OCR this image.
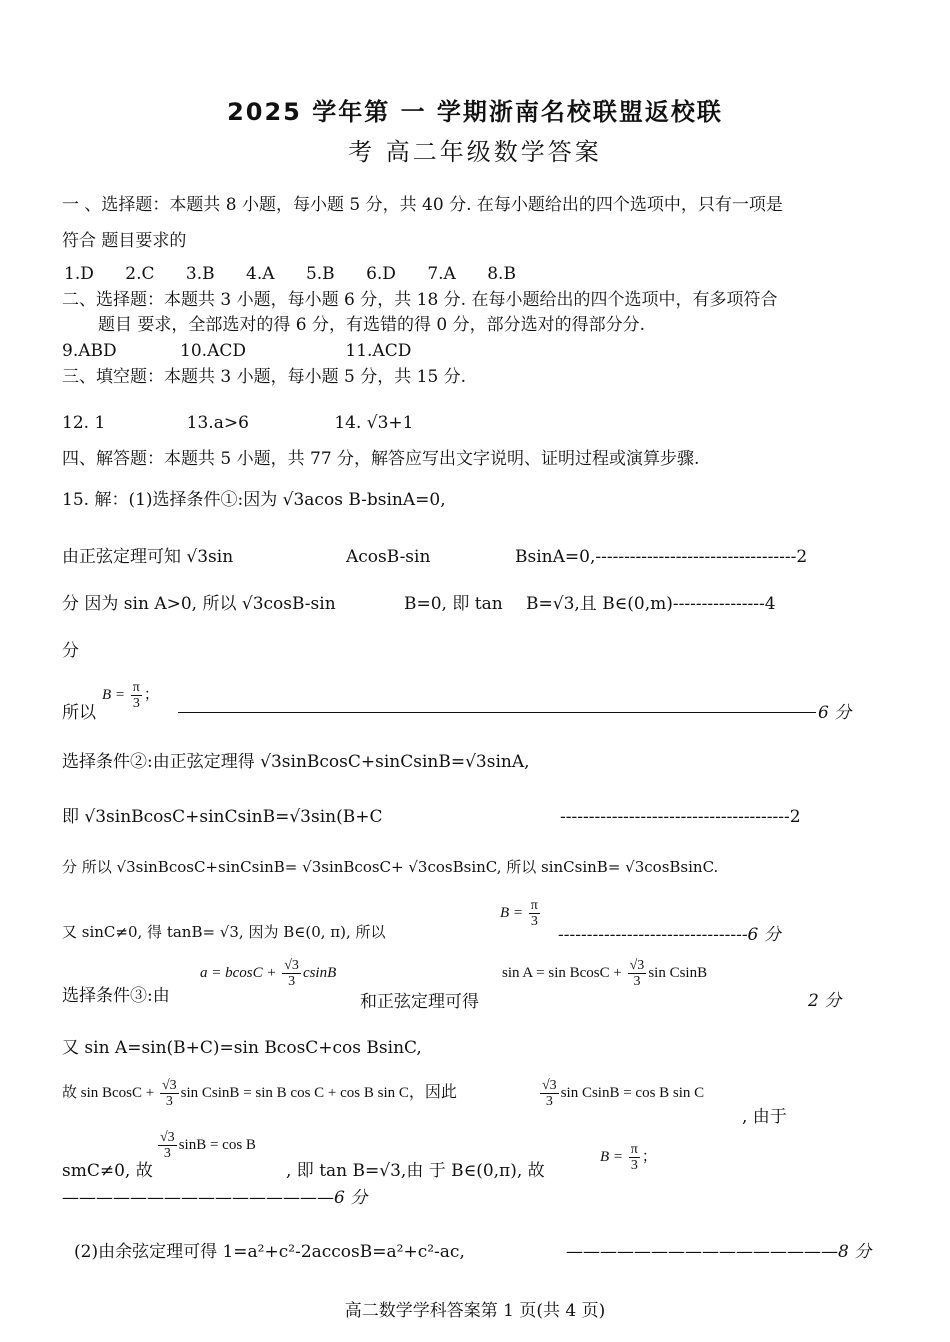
2025 学年第 一 学期浙南名校联盟返校联
考 高二年级数学答案
一 、选择题：本题共 8 小题，每小题 5 分，共 40 分. 在每小题给出的四个选项中，只有一项是
符合 题目要求的
1.D 2.C 3.B 4.A 5.B 6.D 7.A 8.B
二、选择题：本题共 3 小题，每小题 6 分，共 18 分. 在每小题给出的四个选项中，有多项符合
题目 要求，全部选对的得 6 分，有选错的得 0 分，部分选对的得部分分.
9.ABD	10.ACD	11.ACD
三、填空题：本题共 3 小题，每小题 5 分，共 15 分.
12. 1	13.a>6	14. √3+1
四、解答题：本题共 5 小题，共 77 分，解答应写出文字说明、证明过程或演算步骤.
15. 解：(1)选择条件①:因为 √3acos B-bsinA=0,
由正弦定理可知 √3sin	AcosB-sin	BsinA=0,-----------------------------------2
分 因为 sin A>0, 所以 √3cosB-sin	B=0, 即 tan B=√3,且 B∈(0,m)----------------4
分
所以
$B = \frac{\pi}{3}$ ；
6 分
选择条件②:由正弦定理得 √3sinBcosC+sinCsinB=√3sinA,
即 √3sinBcosC+sinCsinB=√3sin(B+C	----------------------------------------2
分 所以 √3sinBcosC+sinCsinB= √3sinBcosC+ √3cosBsinC, 所以 sinCsinB= √3cosBsinC.
又 sinC≠0, 得 tanB= √3, 因为 B∈(0, π), 所以
$B = \frac{\pi}{3}$
---------------------------------6 分
选择条件③:由
$a = bcosC + \frac{√3}{3}$ csinB
和正弦定理可得
$\sin A = \sin BcosC + \frac{√3}{3}$ sin CsinB
2 分
又 sin A=sin(B+C)=sin BcosC+cos BsinC,
故 $\sin BcosC + \frac{√3}{3}$ sin CsinB = sin B cos C + cos B sin C，因此	$\frac{√3}{3}$ sin CsinB = cos B sin C
, 由于
smC≠0, 故
$\frac{√3}{3}$ sinB = cos B
, 即 tan B=√3,由 于 B∈(0,π), 故
$B = \frac{\pi}{3}$ ；
————————————————6 分
(2)由余弦定理可得 1=a²+c²-2accosB=a²+c²-ac,	————————————————8 分
高二数学学科答案第 1 页(共 4 页)
